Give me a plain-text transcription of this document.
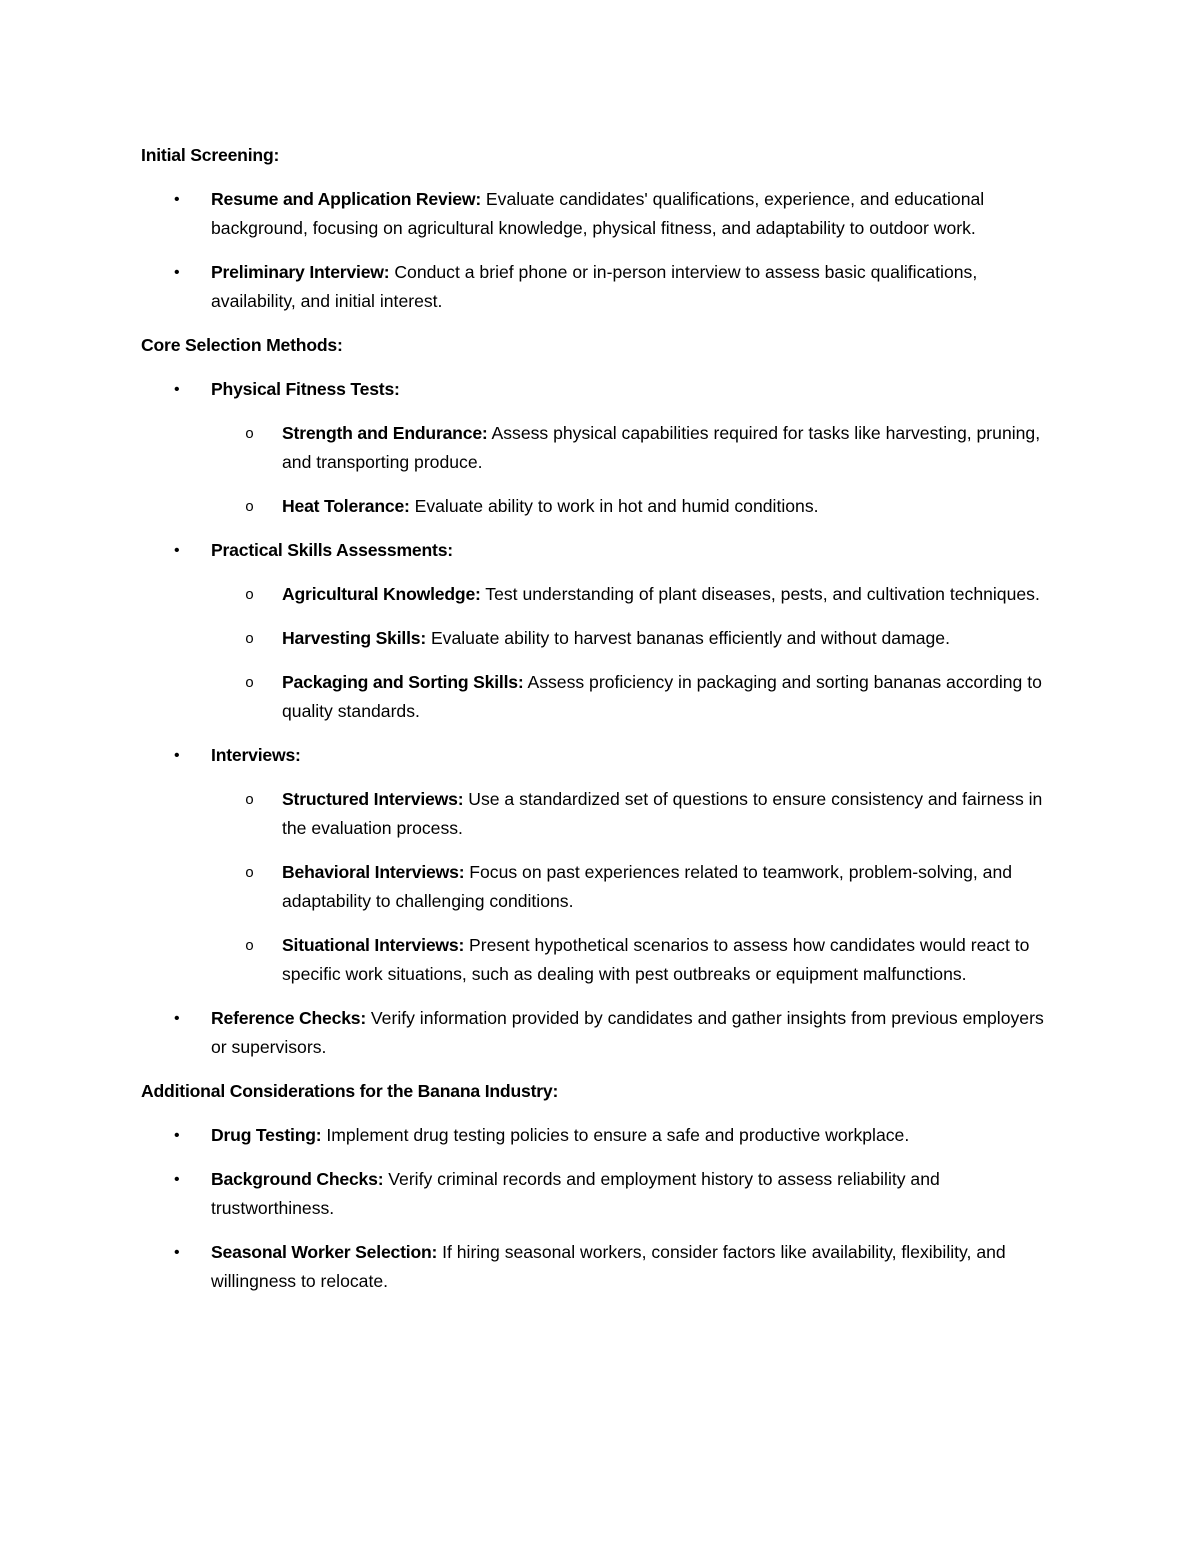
Initial Screening:

• Resume and Application Review: Evaluate candidates' qualifications, experience, and educational background, focusing on agricultural knowledge, physical fitness, and adaptability to outdoor work.
• Preliminary Interview: Conduct a brief phone or in-person interview to assess basic qualifications, availability, and initial interest.

Core Selection Methods:

• Physical Fitness Tests:
o Strength and Endurance: Assess physical capabilities required for tasks like harvesting, pruning, and transporting produce.
o Heat Tolerance: Evaluate ability to work in hot and humid conditions.
• Practical Skills Assessments:
o Agricultural Knowledge: Test understanding of plant diseases, pests, and cultivation techniques.
o Harvesting Skills: Evaluate ability to harvest bananas efficiently and without damage.
o Packaging and Sorting Skills: Assess proficiency in packaging and sorting bananas according to quality standards.
• Interviews:
o Structured Interviews: Use a standardized set of questions to ensure consistency and fairness in the evaluation process.
o Behavioral Interviews: Focus on past experiences related to teamwork, problem-solving, and adaptability to challenging conditions.
o Situational Interviews: Present hypothetical scenarios to assess how candidates would react to specific work situations, such as dealing with pest outbreaks or equipment malfunctions.
• Reference Checks: Verify information provided by candidates and gather insights from previous employers or supervisors.

Additional Considerations for the Banana Industry:

• Drug Testing: Implement drug testing policies to ensure a safe and productive workplace.
• Background Checks: Verify criminal records and employment history to assess reliability and trustworthiness.
• Seasonal Worker Selection: If hiring seasonal workers, consider factors like availability, flexibility, and willingness to relocate.
